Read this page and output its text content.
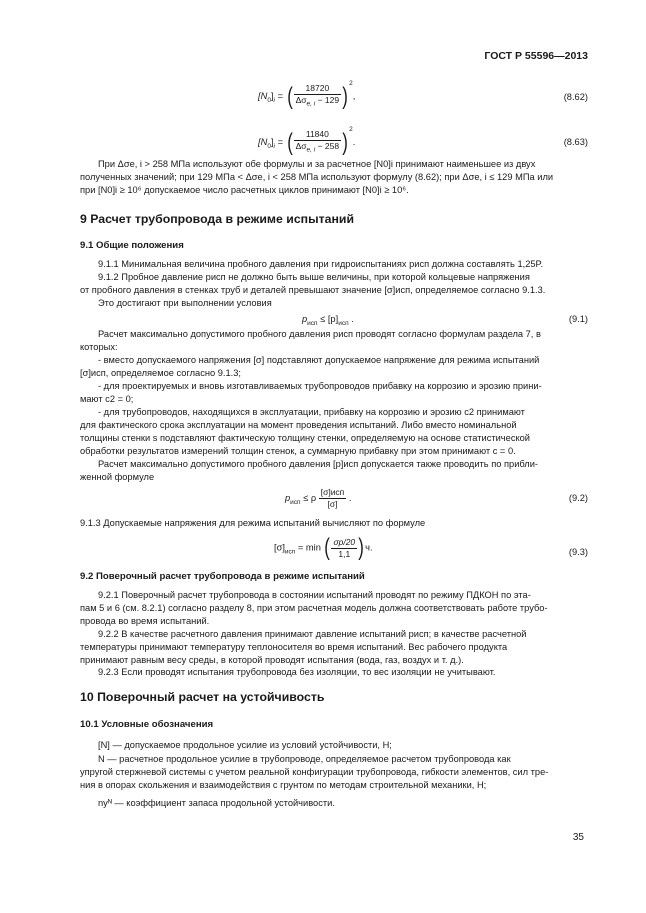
ГОСТ Р 55596—2013
$[N_0]_i$ = ( $\frac{18720}{\Delta\sigma_{e, i} - 129} )^2$,	(8.62)
$[N_0]_i$ = ( $\frac{11840}{\Delta\sigma_{e, i} - 258} )^2$.	(8.63)
При Δσe, i > 258 МПа используют обе формулы и за расчетное [N0]i принимают наименьшее из двух
полученных значений; при 129 МПа < Δσe, i < 258 МПа используют формулу (8.62); при Δσe, i ≤ 129 МПа или
при [N0]i ≥ 10⁶ допускаемое число расчетных циклов принимают [N0]i ≥ 10⁶.
9 Расчет трубопровода в режиме испытаний
9.1 Общие положения
9.1.1 Минимальная величина пробного давления при гидроиспытаниях pисп должна составлять 1,25P.
9.1.2 Пробное давление pисп не должно быть выше величины, при которой кольцевые напряжения
от пробного давления в стенках труб и деталей превышают значение [σ]исп, определяемое согласно 9.1.3.
Это достигают при выполнении условия
$p_{исп} \le [p]_{исп}$ .	(9.1)
Расчет максимально допустимого пробного давления pисп проводят согласно формулам раздела 7, в
которых:
- вместо допускаемого напряжения [σ] подставляют допускаемое напряжение для режима испытаний
[σ]исп, определяемое согласно 9.1.3;
- для проектируемых и вновь изготавливаемых трубопроводов прибавку на коррозию и эрозию прини-
мают c2 = 0;
- для трубопроводов, находящихся в эксплуатации, прибавку на коррозию и эрозию c2 принимают
для фактического срока эксплуатации на момент проведения испытаний. Либо вместо номинальной
толщины стенки s подставляют фактическую толщину стенки, определяемую на основе статистической
обработки результатов измерений толщин стенок, а суммарную прибавку при этом принимают c = 0.
Расчет максимально допустимого пробного давления [p]исп допускается также проводить по прибли-
женной формуле
$p_{исп} \le \rho \frac{\text{[σ]исп}}{[\sigma]}$ .	(9.2)
9.1.3 Допускаемые напряжения для режима испытаний вычисляют по формуле
$[\sigma]_{исп} = \min$ ( $\frac{\sigma p/20}{1,1} )ч$.	(9.3)
9.2 Поверочный расчет трубопровода в режиме испытаний
9.2.1 Поверочный расчет трубопровода в состоянии испытаний проводят по режиму ПДКОН по эта-
пам 5 и 6 (см. 8.2.1) согласно разделу 8, при этом расчетная модель должна соответствовать работе трубо-
провода во время испытаний.
9.2.2 В качестве расчетного давления принимают давление испытаний pисп; в качестве расчетной
температуры принимают температуру теплоносителя во время испытаний. Вес рабочего продукта
принимают равным весу среды, в которой проводят испытания (вода, газ, воздух и т. д.).
9.2.3 Если проводят испытания трубопровода без изоляции, то вес изоляции не учитывают.
10 Поверочный расчет на устойчивость
10.1 Условные обозначения
[N] — допускаемое продольное усилие из условий устойчивости, Н;
N — расчетное продольное усилие в трубопроводе, определяемое расчетом трубопровода как
упругой стержневой системы с учетом реальной конфигурации трубопровода, гибкости элементов, сил тре-
ния в опорах скольжения и взаимодействия с грунтом по методам строительной механики, Н;
nyᴺ — коэффициент запаса продольной устойчивости.
35
